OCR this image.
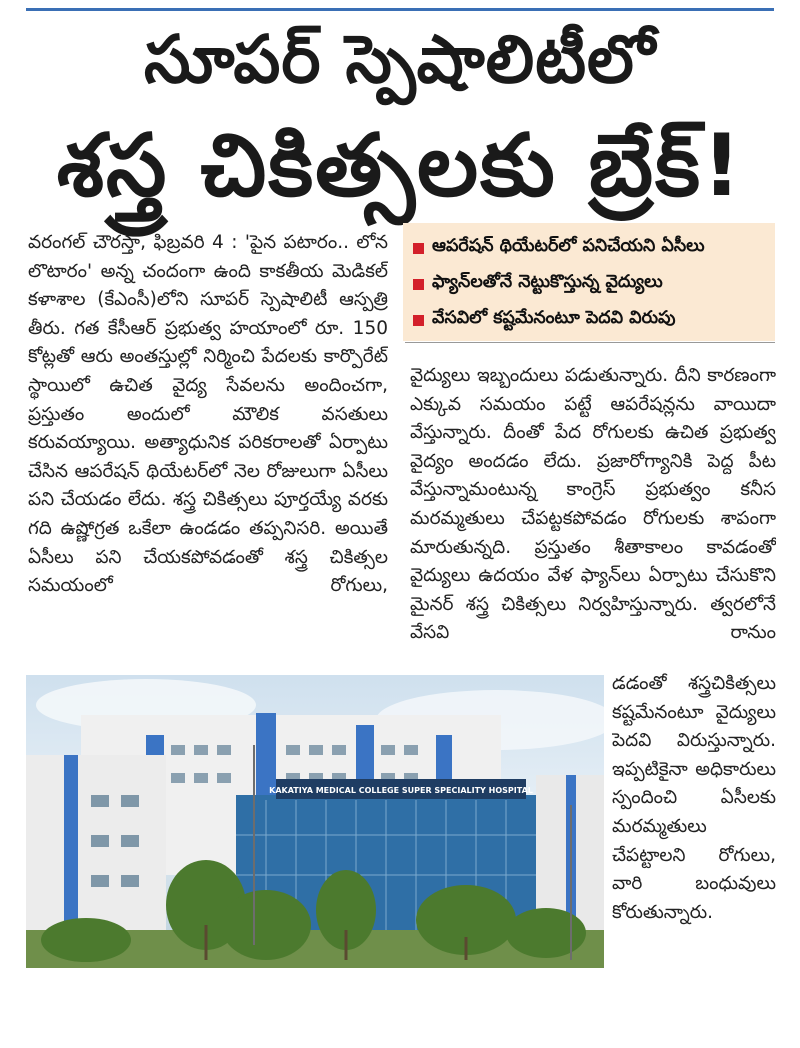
సూపర్ స్పెషాలిటీలో
శస్త్ర చికిత్సలకు బ్రేక్!
వరంగల్ చౌరస్తా, ఫిబ్రవరి 4 : 'పైన పటారం.. లోన లొటారం' అన్న చందంగా ఉంది కాకతీయ మెడికల్ కళాశాల (కేఎంసీ)లోని సూపర్ స్పెషాలిటీ ఆస్పత్రి తీరు. గత కేసీఆర్ ప్రభుత్వ హయాంలో రూ. 150 కోట్లతో ఆరు అంతస్తుల్లో నిర్మించి పేదలకు కార్పొరేట్ స్థాయిలో ఉచిత వైద్య సేవలను అందించగా, ప్రస్తుతం అందులో మౌలిక వసతులు కరువయ్యాయి. అత్యాధునిక పరికరాలతో ఏర్పాటు చేసిన ఆపరేషన్ థియేటర్‌లో నెల రోజులుగా ఏసీలు పని చేయడం లేదు. శస్త్ర చికిత్సలు పూర్తయ్యే వరకు గది ఉష్ణోగ్రత ఒకేలా ఉండడం తప్పనిసరి. అయితే ఏసీలు పని చేయకపోవడంతో శస్త్ర చికిత్సల సమయంలో రోగులు,
ఆపరేషన్ థియేటర్‌లో పనిచేయని ఏసీలు
ఫ్యాన్‌లతోనే నెట్టుకొస్తున్న వైద్యులు
వేసవిలో కష్టమేనంటూ పెదవి విరుపు
వైద్యులు ఇబ్బందులు పడుతున్నారు. దీని కారణంగా ఎక్కువ సమయం పట్టే ఆపరేషన్లను వాయిదా వేస్తున్నారు. దీంతో పేద రోగులకు ఉచిత ప్రభుత్వ వైద్యం అందడం లేదు. ప్రజారోగ్యానికి పెద్ద పీట వేస్తున్నామంటున్న కాంగ్రెస్ ప్రభుత్వం కనీస మరమ్మతులు చేపట్టకపోవడం రోగులకు శాపంగా మారుతున్నది. ప్రస్తుతం శీతాకాలం కావడంతో వైద్యులు ఉదయం వేళ ఫ్యాన్‌లు ఏర్పాటు చేసుకొని మైనర్ శస్త్ర చికిత్సలు నిర్వహిస్తున్నారు. త్వరలోనే వేసవి రానుం
డడంతో శస్త్రచికిత్సలు కష్టమేనంటూ వైద్యులు పెదవి విరుస్తున్నారు. ఇప్పటికైనా అధికారులు స్పందించి ఏసీలకు మరమ్మతులు చేపట్టాలని రోగులు, వారి బంధువులు కోరుతున్నారు.
KAKATIYA MEDICAL COLLEGE SUPER SPECIALITY HOSPITAL
